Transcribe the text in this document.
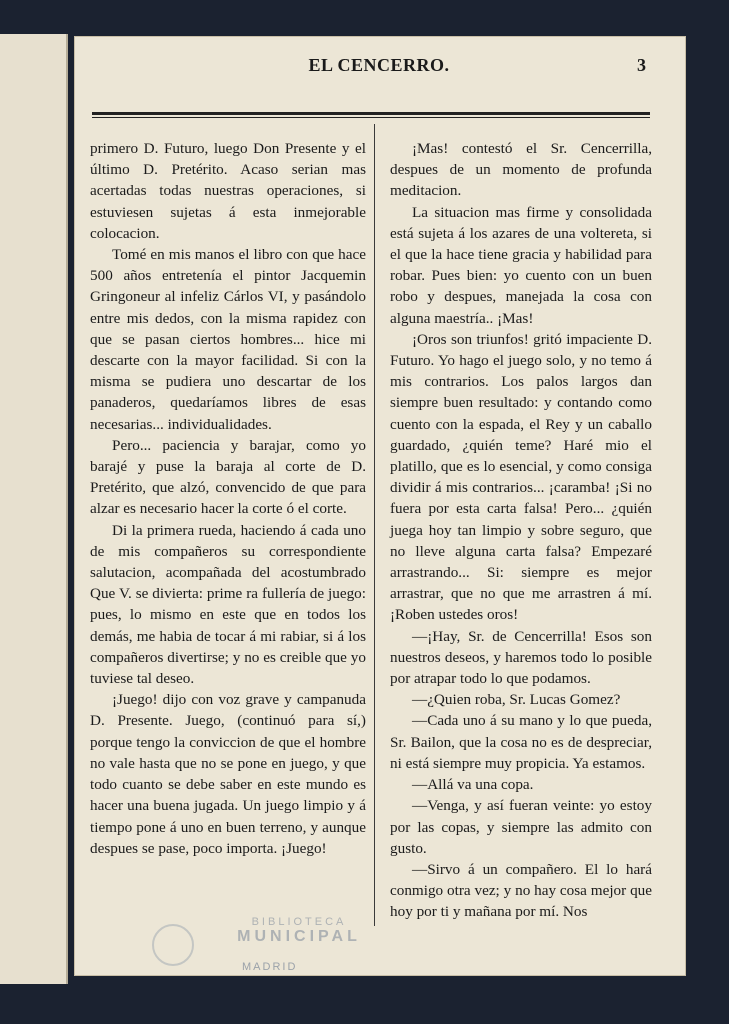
EL CENCERRO.	3

primero D. Futuro, luego Don Presente y el último D. Pretérito. Acaso serian mas acertadas todas nuestras operaciones, si estuviesen sujetas á esta inmejorable colocacion.

Tomé en mis manos el libro con que hace 500 años entretenía el pintor Jacquemin Gringoneur al infeliz Cárlos VI, y pasándolo entre mis dedos, con la misma rapidez con que se pasan ciertos hombres... hice mi descarte con la mayor facilidad. Si con la misma se pudiera uno descartar de los panaderos, quedaríamos libres de esas necesarias... individualidades.

Pero... paciencia y barajar, como yo barajé y puse la baraja al corte de D. Pretérito, que alzó, convencido de que para alzar es necesario hacer la corte ó el corte.

Di la primera rueda, haciendo á cada uno de mis compañeros su correspondiente salutacion, acompañada del acostumbrado Que V. se divierta: prime ra fullería de juego: pues, lo mismo en este que en todos los demás, me habia de tocar á mi rabiar, si á los compañeros divertirse; y no es creible que yo tuviese tal deseo.

¡Juego! dijo con voz grave y campanuda D. Presente. Juego, (continuó para sí,) porque tengo la conviccion de que el hombre no vale hasta que no se pone en juego, y que todo cuanto se debe saber en este mundo es hacer una buena jugada. Un juego limpio y á tiempo pone á uno en buen terreno, y aunque despues se pase, poco importa. ¡Juego!

¡Mas! contestó el Sr. Cencerrilla, despues de un momento de profunda meditacion.

La situacion mas firme y consolidada está sujeta á los azares de una voltereta, si el que la hace tiene gracia y habilidad para robar. Pues bien: yo cuento con un buen robo y despues, manejada la cosa con alguna maestría.. ¡Mas!

¡Oros son triunfos! gritó impaciente D. Futuro. Yo hago el juego solo, y no temo á mis contrarios. Los palos largos dan siempre buen resultado: y contando como cuento con la espada, el Rey y un caballo guardado, ¿quién teme? Haré mio el platillo, que es lo esencial, y como consiga dividir á mis contrarios... ¡caramba! ¡Si no fuera por esta carta falsa! Pero... ¿quién juega hoy tan limpio y sobre seguro, que no lleve alguna carta falsa? Empezaré arrastrando... Si: siempre es mejor arrastrar, que no que me arrastren á mí. ¡Roben ustedes oros!

—¡Hay, Sr. de Cencerrilla! Esos son nuestros deseos, y haremos todo lo posible por atrapar todo lo que podamos.

—¿Quien roba, Sr. Lucas Gomez?

—Cada uno á su mano y lo que pueda, Sr. Bailon, que la cosa no es de despreciar, ni está siempre muy propicia. Ya estamos.

—Allá va una copa.

—Venga, y así fueran veinte: yo estoy por las copas, y siempre las admito con gusto.

—Sirvo á un compañero. El lo hará conmigo otra vez; y no hay cosa mejor que hoy por ti y mañana por mí. Nos

BIBLIOTECA
MUNICIPAL
MADRID
